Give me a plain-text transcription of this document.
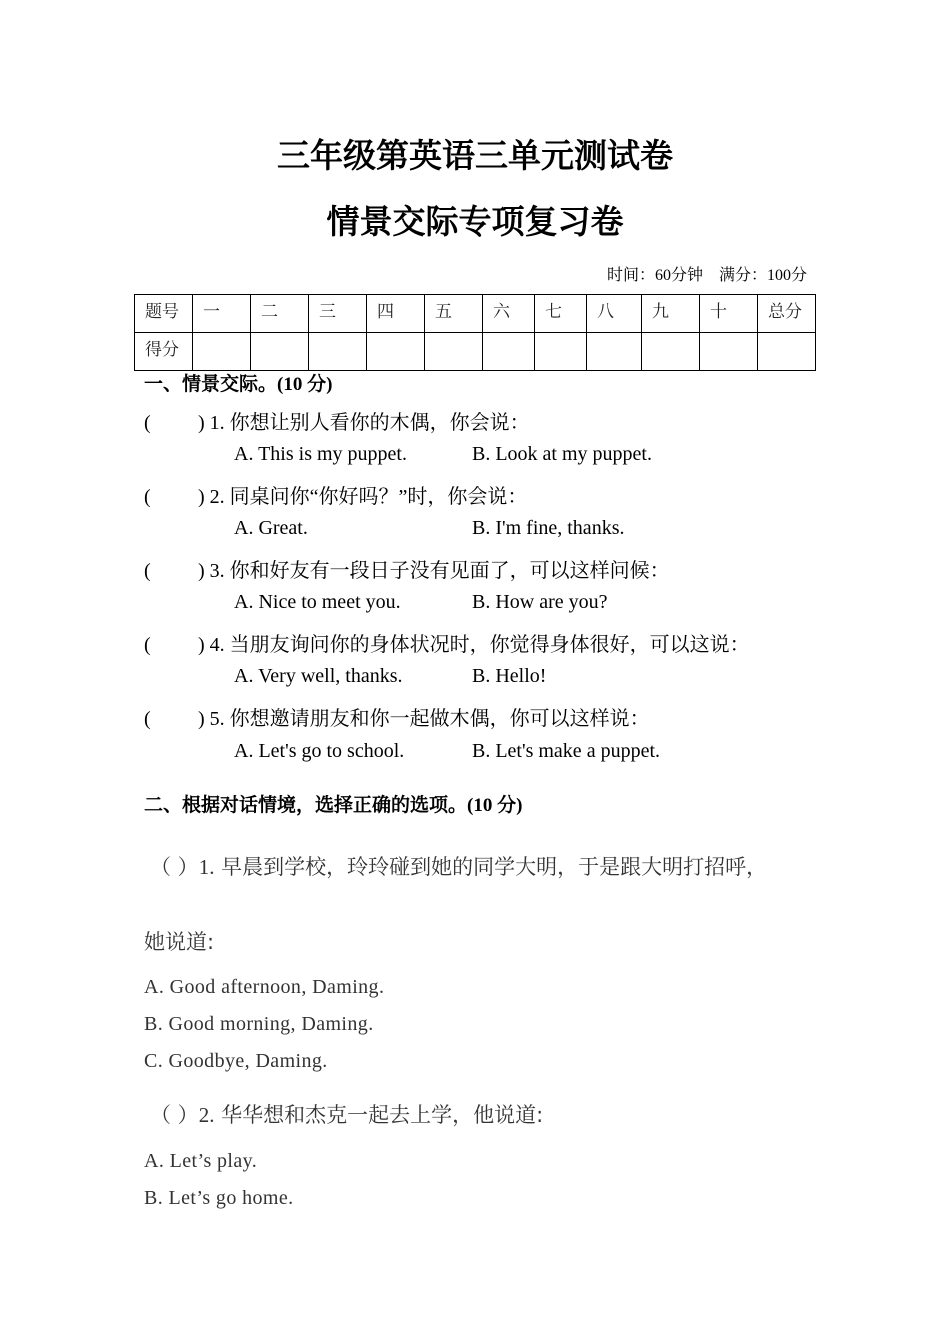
三年级第英语三单元测试卷
情景交际专项复习卷
时间：60分钟　满分：100分
题号	一	二	三	四	五	六	七	八	九	十	总分
得分											
一、情景交际。(10 分)
( ) 1. 你想让别人看你的木偶，你会说：
A. This is my puppet.	B. Look at my puppet.
( ) 2. 同桌问你“你好吗？”时，你会说：
A. Great.	B. I'm fine, thanks.
( ) 3. 你和好友有一段日子没有见面了，可以这样问候：
A. Nice to meet you.	B. How are you?
( ) 4. 当朋友询问你的身体状况时，你觉得身体很好，可以这说：
A. Very well, thanks.	B. Hello!
( ) 5. 你想邀请朋友和你一起做木偶，你可以这样说：
A. Let's go to school.	B. Let's make a puppet.
二、根据对话情境，选择正确的选项。(10 分)
（ ）1. 早晨到学校，玲玲碰到她的同学大明，于是跟大明打招呼，
她说道:
A. Good afternoon, Daming.
B. Good morning, Daming.
C. Goodbye, Daming.
（ ）2. 华华想和杰克一起去上学，他说道:
A. Let’s play.
B. Let’s go home.
